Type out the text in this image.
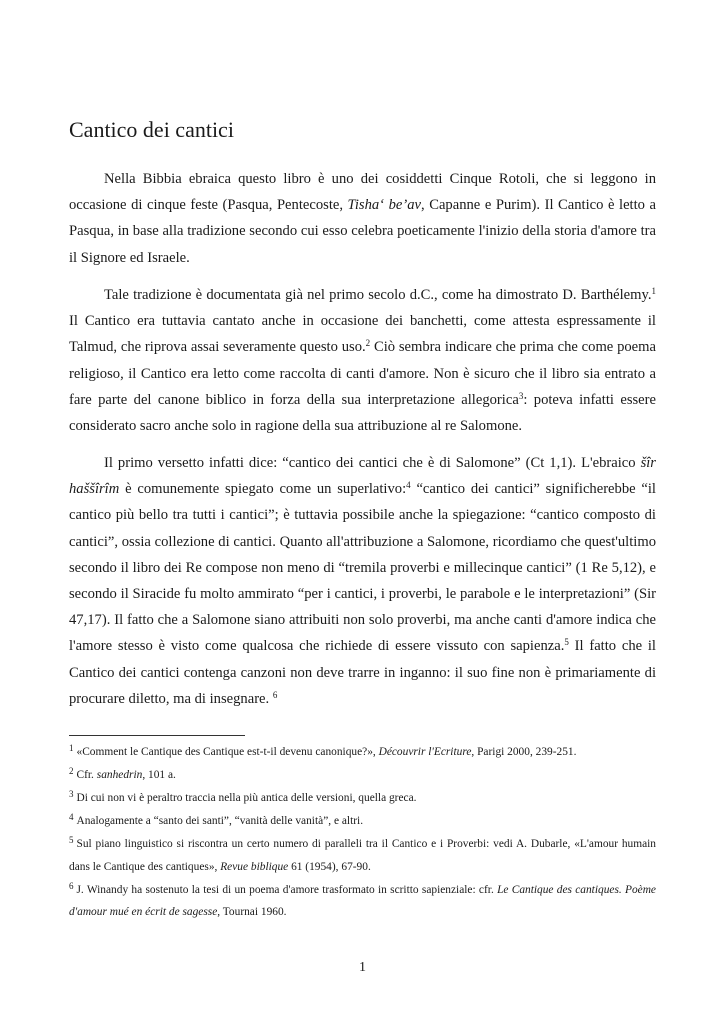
Cantico dei cantici

Nella Bibbia ebraica questo libro è uno dei cosiddetti Cinque Rotoli, che si leggono in occasione di cinque feste (Pasqua, Pentecoste, Tisha‘ be’av, Capanne e Purim). Il Cantico è letto a Pasqua, in base alla tradizione secondo cui esso celebra poeticamente l'inizio della storia d'amore tra il Signore ed Israele.

Tale tradizione è documentata già nel primo secolo d.C., come ha dimostrato D. Barthélemy.$^1$ Il Cantico era tuttavia cantato anche in occasione dei banchetti, come attesta espressamente il Talmud, che riprova assai severamente questo uso.$^2$ Ciò sembra indicare che prima che come poema religioso, il Cantico era letto come raccolta di canti d'amore. Non è sicuro che il libro sia entrato a fare parte del canone biblico in forza della sua interpretazione allegorica$^3$: poteva infatti essere considerato sacro anche solo in ragione della sua attribuzione al re Salomone.

Il primo versetto infatti dice: “cantico dei cantici che è di Salomone” (Ct 1,1). L'ebraico šîr haššîrîm è comunemente spiegato come un superlativo:$^4$ “cantico dei cantici” significherebbe “il cantico più bello tra tutti i cantici”; è tuttavia possibile anche la spiegazione: “cantico composto di cantici”, ossia collezione di cantici. Quanto all'attribuzione a Salomone, ricordiamo che quest'ultimo secondo il libro dei Re compose non meno di “tremila proverbi e millecinque cantici” (1 Re 5,12), e secondo il Siracide fu molto ammirato “per i cantici, i proverbi, le parabole e le interpretazioni” (Sir 47,17). Il fatto che a Salomone siano attribuiti non solo proverbi, ma anche canti d'amore indica che l'amore stesso è visto come qualcosa che richiede di essere vissuto con sapienza.$^5$ Il fatto che il Cantico dei cantici contenga canzoni non deve trarre in inganno: il suo fine non è primariamente di procurare diletto, ma di insegnare. $^6$

$^1$ «Comment le Cantique des Cantique est-t-il devenu canonique?», Découvrir l'Ecriture, Parigi 2000, 239-251.

$^2$ Cfr. sanhedrin, 101 a.

$^3$ Di cui non vi è peraltro traccia nella più antica delle versioni, quella greca.

$^4$ Analogamente a “santo dei santi”, “vanità delle vanità”, e altri.

$^5$ Sul piano linguistico si riscontra un certo numero di paralleli tra il Cantico e i Proverbi: vedi A. Dubarle, «L'amour humain dans le Cantique des cantiques», Revue biblique 61 (1954), 67-90.

$^6$ J. Winandy ha sostenuto la tesi di un poema d'amore trasformato in scritto sapienziale: cfr. Le Cantique des cantiques. Poème d'amour mué en écrit de sagesse, Tournai 1960.

1
